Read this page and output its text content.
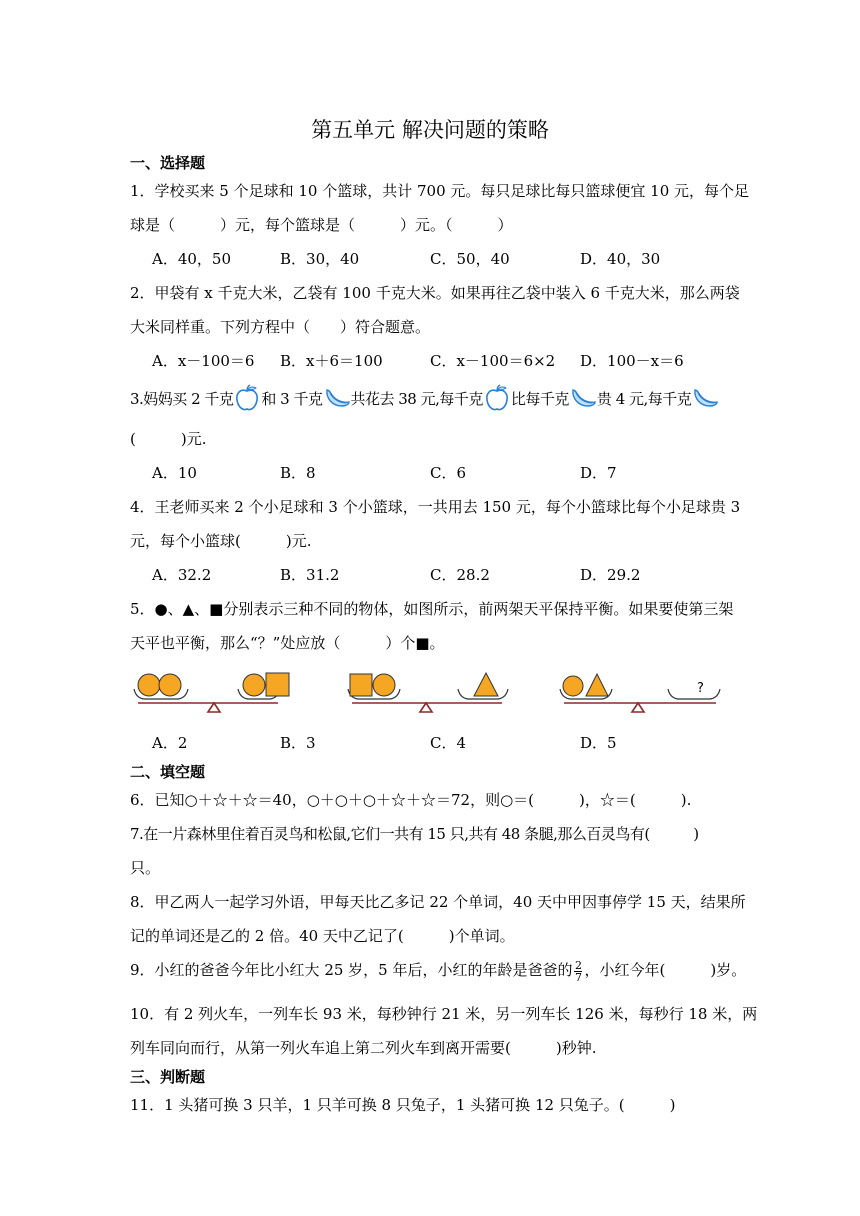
第五单元 解决问题的策略
一、选择题
1．学校买来 5 个足球和 10 个篮球，共计 700 元。每只足球比每只篮球便宜 10 元，每个足
球是（　　　）元，每个篮球是（　　　）元。（　　　）
A．40，50	B．30，40	C．50，40	D．40，30
2．甲袋有 x 千克大米，乙袋有 100 千克大米。如果再往乙袋中装入 6 千克大米，那么两袋
大米同样重。下列方程中（　　）符合题意。
A．x－100＝6 B．x＋6＝100	C．x－100＝6×2 D．100－x＝6
3.妈妈买 2 千克 和 3 千克 共花去 38 元,每千克 比每千克 贵 4 元,每千克
(　　　)元.
A．10	B．8	C．6	D．7
4．王老师买来 2 个小足球和 3 个小篮球，一共用去 150 元，每个小篮球比每个小足球贵 3
元，每个小篮球(　　　)元.
A．32.2	B．31.2	C．28.2	D．29.2
5．●、▲、■分别表示三种不同的物体，如图所示，前两架天平保持平衡。如果要使第三架
天平也平衡，那么“？”处应放（　　　）个■。
?
A．2	B．3	C．4	D．5
二、填空题
6．已知○＋☆＋☆＝40，○＋○＋○＋☆＋☆＝72，则○＝(　　　)，☆＝(　　　).
7.在一片森林里住着百灵鸟和松鼠,它们一共有 15 只,共有 48 条腿,那么百灵鸟有(　　　)
只。
8．甲乙两人一起学习外语，甲每天比乙多记 22 个单词，40 天中甲因事停学 15 天，结果所
记的单词还是乙的 2 倍。40 天中乙记了(　　　)个单词。
9．小红的爸爸今年比小红大 25 岁，5 年后，小红的年龄是爸爸的 $\frac{2}{7}$ ，小红今年(　　　)岁。
10．有 2 列火车，一列车长 93 米，每秒钟行 21 米，另一列车长 126 米，每秒行 18 米，两
列车同向而行，从第一列火车追上第二列火车到离开需要(　　　)秒钟.
三、判断题
11．1 头猪可换 3 只羊，1 只羊可换 8 只兔子，1 头猪可换 12 只兔子。(　　　)
